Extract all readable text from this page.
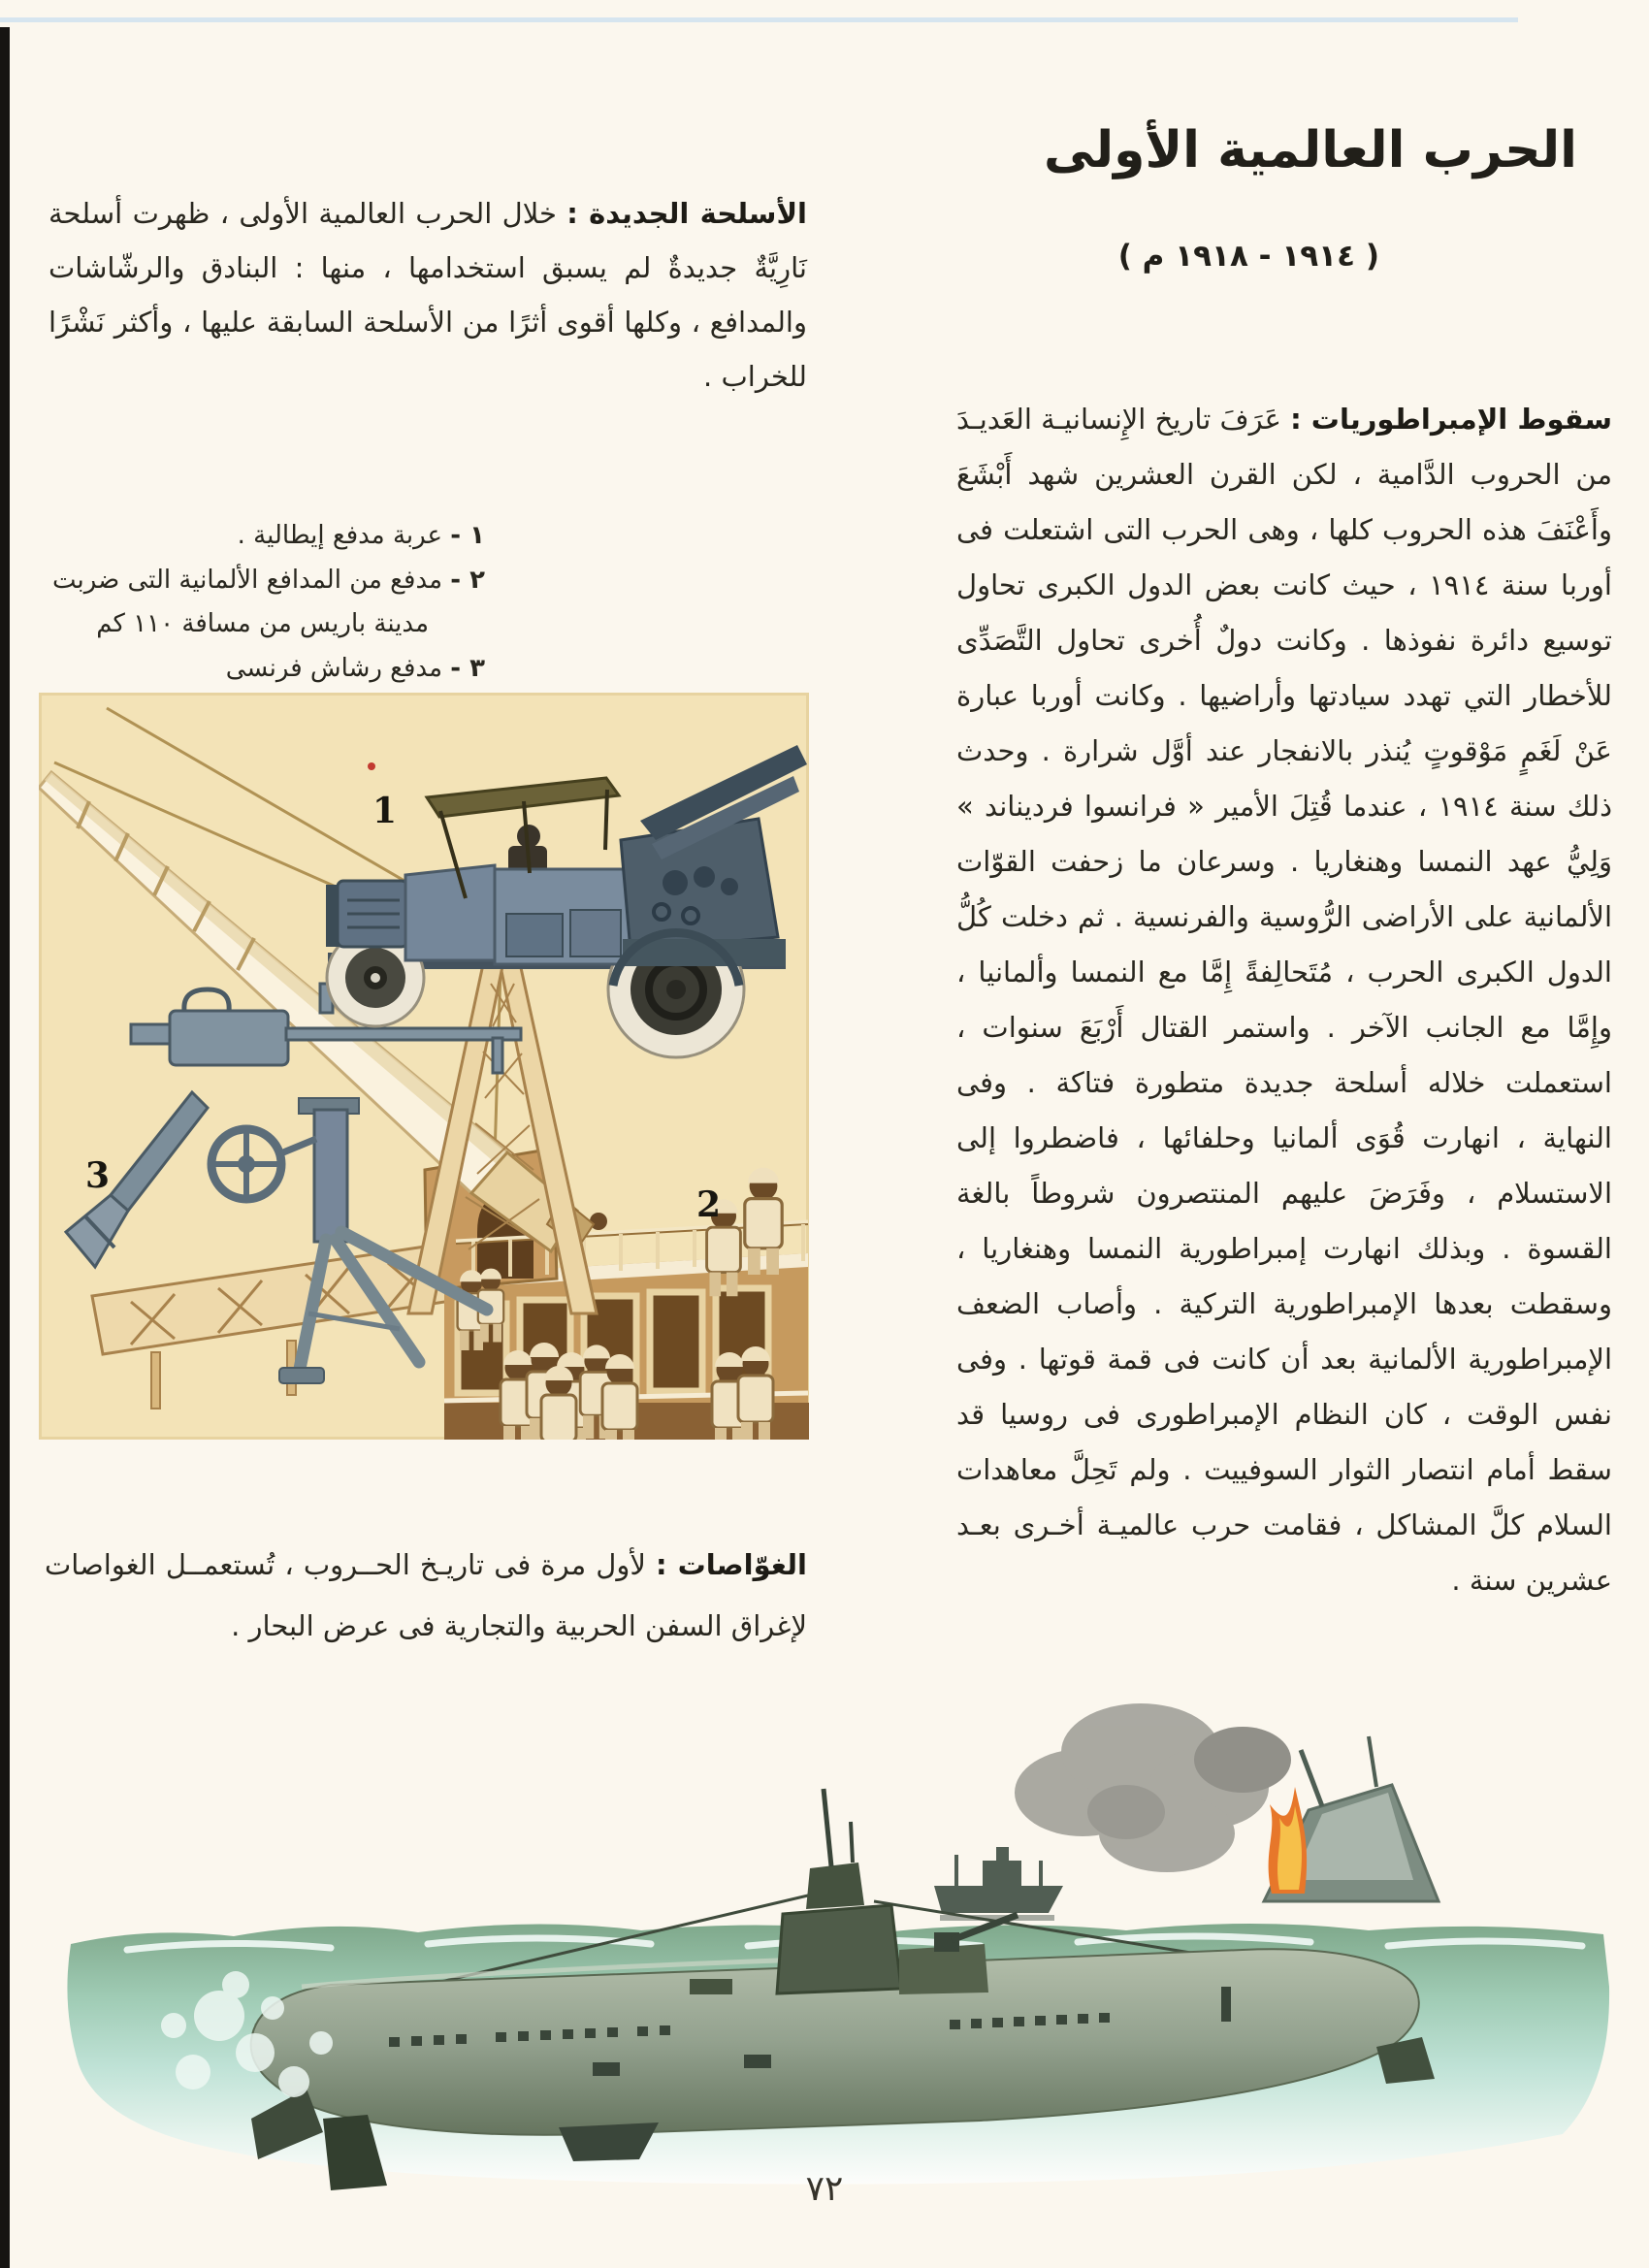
الحرب العالمية الأولى
( ١٩١٤ - ١٩١٨ م )
سقوط الإمبراطوريات : عَرَفَ تاريخ الإِنسانيـة العَديـدَ من الحروب الدَّامية ، لكن القرن العشرين شهد أَبْشَعَ وأَعْنَفَ هذه الحروب كلها ، وهى الحرب التى اشتعلت فى أوربا سنة ١٩١٤ ، حيث كانت بعض الدول الكبرى تحاول توسيع دائرة نفوذها . وكانت دولٌ أُخرى تحاول التَّصَدِّى للأخطار التي تهدد سيادتها وأراضيها . وكانت أوربا عبارة عَنْ لَغَمٍ مَوْقوتٍ يُنذر بالانفجار عند أوَّل شرارة . وحدث ذلك سنة ١٩١٤ ، عندما قُتِلَ الأمير « فرانسوا فرديناند » وَلِيُّ عهد النمسا وهنغاريا . وسرعان ما زحفت القوّات الألمانية على الأراضى الرُّوسية والفرنسية . ثم دخلت كُلُّ الدول الكبرى الحرب ، مُتَحالِفةً إِمَّا مع النمسا وألمانيا ، وإِمَّا مع الجانب الآخر . واستمر القتال أَرْبَعَ سنوات ، استعملت خلاله أسلحة جديدة متطورة فتاكة . وفى النهاية ، انهارت قُوَى ألمانيا وحلفائها ، فاضطروا إلى الاستسلام ، وفَرَضَ عليهم المنتصرون شروطاً بالغة القسوة . وبذلك انهارت إمبراطورية النمسا وهنغاريا ، وسقطت بعدها الإمبراطورية التركية . وأصاب الضعف الإمبراطورية الألمانية بعد أن كانت فى قمة قوتها . وفى نفس الوقت ، كان النظام الإمبراطورى فى روسيا قد سقط أمام انتصار الثوار السوفييت . ولم تَحِلَّ معاهدات السلام كلَّ المشاكل ، فقامت حرب عالميـة أخـرى بعـد عشرين سنة .
الأسلحة الجديدة : خلال الحرب العالمية الأولى ، ظهرت أسلحة نَارِيَّةٌ جديدةٌ لم يسبق استخدامها ، منها : البنادق والرشّاشات والمدافع ، وكلها أقوى أثرًا من الأسلحة السابقة عليها ، وأكثر نَشْرًا للخراب .
١ - عربة مدفع إيطالية .
٢ - مدفع من المدافع الألمانية التى ضربت مدينة باريس من مسافة ١١٠ كم
٣ - مدفع رشاش فرنسى
1
2
3
الغوّاصات : لأول مرة فى تاريـخ الحــروب ، تُستعمــل الغواصات لإغراق السفن الحربية والتجارية فى عرض البحار .
٧٢
